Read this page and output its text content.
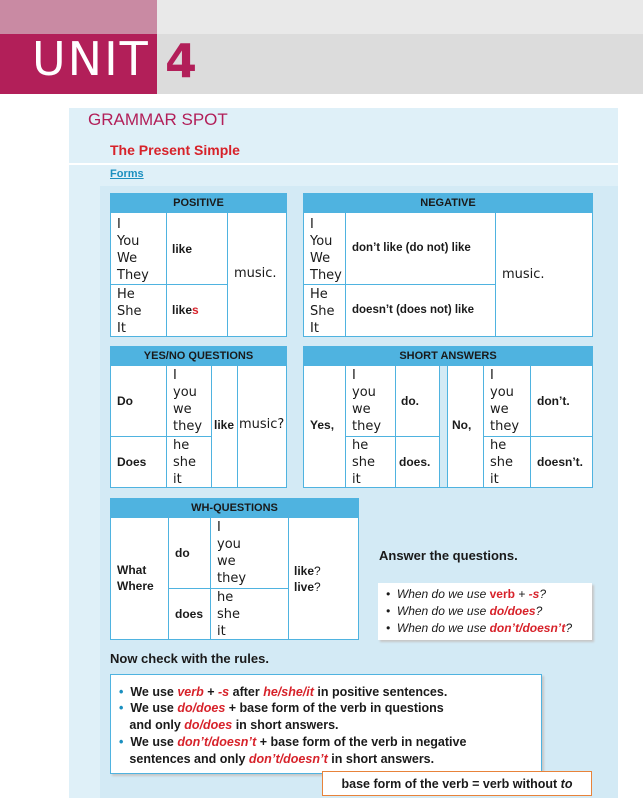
UNIT 4
GRAMMAR SPOT
The Present Simple
Forms
POSITIVE
I
You
We
They
like
He
She
It
likes
music.
NEGATIVE
I
You
We
They
don’t like (do not) like
He
She
It
doesn’t (does not) like
music.
YES/NO QUESTIONS
Do
Does
I
you
we
they
he
she
it
like music?
SHORT ANSWERS
Yes,
I
you
we
they
he
she
it
do.
does.
No,
I
you
we
they
he
she
it
don’t.
doesn’t.
WH-QUESTIONS
What
Where
do
does
I
you
we
they
he
she
it
like?
live?
Answer the questions.
•  When do we use verb + -s?
•  When do we use do/does?
•  When do we use don’t/doesn’t?
Now check with the rules.
• We use verb + -s after he/she/it in positive sentences.
• We use do/does + base form of the verb in questions
and only do/does in short answers.
• We use don’t/doesn’t + base form of the verb in negative
sentences and only don’t/doesn’t in short answers.
base form of the verb = verb without to
